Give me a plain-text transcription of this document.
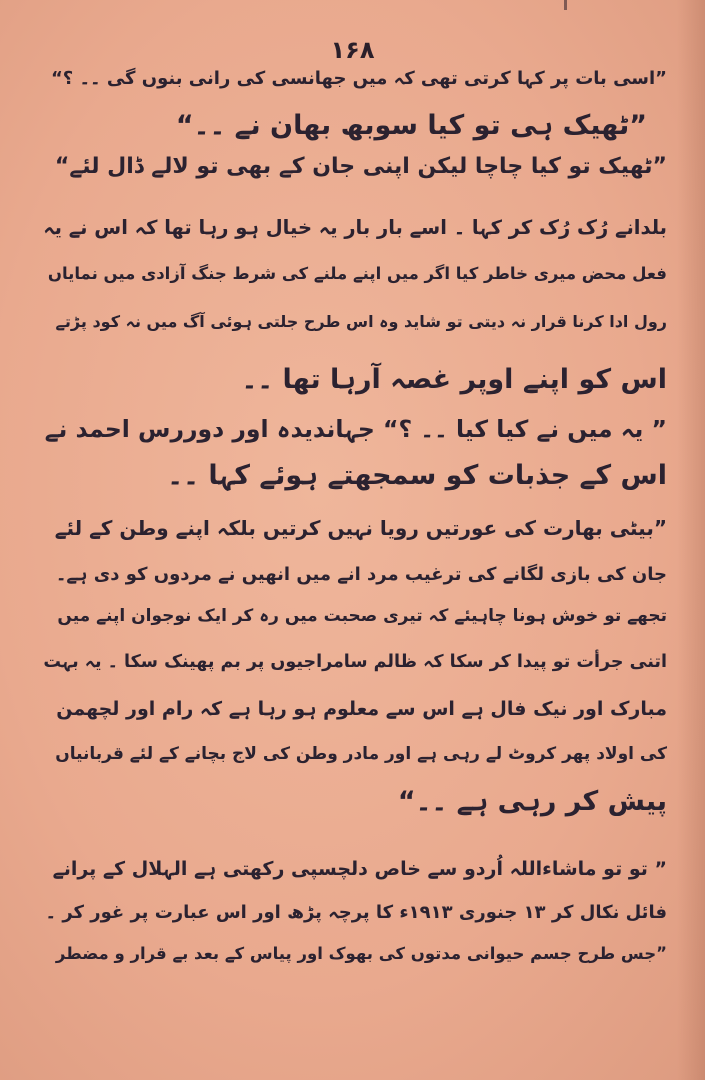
۱۶۸
”اسی بات پر کہا کرتی تھی کہ میں جھانسی کی رانی بنوں گی ۔۔ ؟“
”ٹھیک ہی تو کیا سوبھ بھان نے ۔۔“
”ٹھیک تو کیا چاچا لیکن اپنی جان کے بھی تو لالے ڈال لئے“
بلدانے رُک رُک کر کہا ۔ اسے بار بار یہ خیال ہو رہا تھا کہ اس نے یہ
فعل محض میری خاطر کیا اگر میں اپنے ملنے کی شرط جنگ آزادی میں نمایاں
رول ادا کرنا قرار نہ دیتی تو شاید وہ اس طرح جلتی ہوئی آگ میں نہ کود پڑتے
اس کو اپنے اوپر غصہ آرہا تھا ۔۔
” یہ میں نے کیا کیا ۔۔ ؟“ جہاندیدہ اور دوررس احمد نے
اس کے جذبات کو سمجھتے ہوئے کہا ۔۔
”بیٹی بھارت کی عورتیں رویا نہیں کرتیں بلکہ اپنے وطن کے لئے
جان کی بازی لگانے کی ترغیب مرد انے میں انھیں نے مردوں کو دی ہے۔
تجھے تو خوش ہونا چاہیئے کہ تیری صحبت میں رہ کر ایک نوجوان اپنے میں
اتنی جرأت تو پیدا کر سکا کہ ظالم سامراجیوں پر بم پھینک سکا ۔ یہ بہت
مبارک اور نیک فال ہے اس سے معلوم ہو رہا ہے کہ رام اور لچھمن
کی اولاد پھر کروٹ لے رہی ہے اور مادر وطن کی لاج بچانے کے لئے قربانیاں
پیش کر رہی ہے ۔۔“
” تو تو ماشاءاللہ اُردو سے خاص دلچسپی رکھتی ہے الہلال کے پرانے
فائل نکال کر ۱۳ جنوری ۱۹۱۳ء کا پرچہ پڑھ اور اس عبارت پر غور کر ۔
”جس طرح جسم حیوانی مدتوں کی بھوک اور پیاس کے بعد بے قرار و مضطر
